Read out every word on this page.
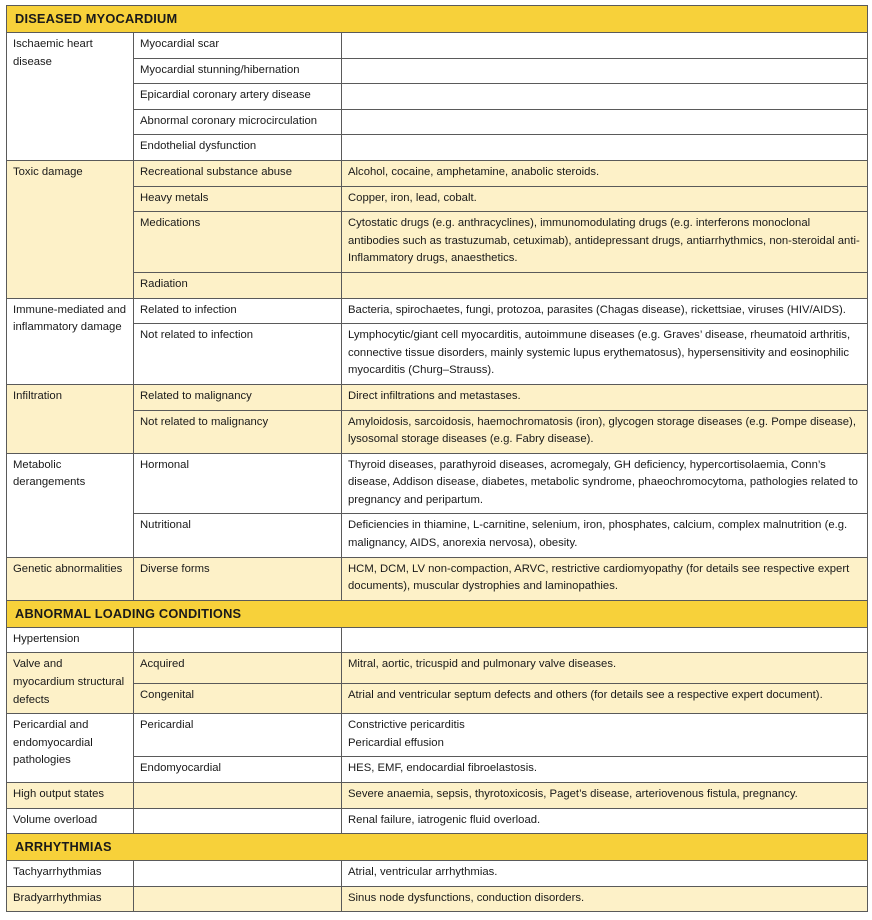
DISEASED MYOCARDIUM		
Ischaemic heart disease	Myocardial scar	
	Myocardial stunning/hibernation	
	Epicardial coronary artery disease	
	Abnormal coronary microcirculation	
	Endothelial dysfunction	
Toxic damage	Recreational substance abuse	Alcohol, cocaine, amphetamine, anabolic steroids.
	Heavy metals	Copper, iron, lead, cobalt.
	Medications	Cytostatic drugs (e.g. anthracyclines), immunomodulating drugs (e.g. interferons monoclonal antibodies such as trastuzumab, cetuximab), antidepressant drugs, antiarrhythmics, non-steroidal anti-Inflammatory drugs, anaesthetics.
	Radiation	
Immune-mediated and inflammatory damage	Related to infection	Bacteria, spirochaetes, fungi, protozoa, parasites (Chagas disease), rickettsiae, viruses (HIV/AIDS).
	Not related to infection	Lymphocytic/giant cell myocarditis, autoimmune diseases (e.g. Graves’ disease, rheumatoid arthritis, connective tissue disorders, mainly systemic lupus erythematosus), hypersensitivity and eosinophilic myocarditis (Churg–Strauss).
Infiltration	Related to malignancy	Direct infiltrations and metastases.
	Not related to malignancy	Amyloidosis, sarcoidosis, haemochromatosis (iron), glycogen storage diseases (e.g. Pompe disease), lysosomal storage diseases (e.g. Fabry disease).
Metabolic derangements	Hormonal	Thyroid diseases, parathyroid diseases, acromegaly, GH deficiency, hypercortisolaemia, Conn’s disease, Addison disease, diabetes, metabolic syndrome, phaeochromocytoma, pathologies related to pregnancy and peripartum.
	Nutritional	Deficiencies in thiamine, L-carnitine, selenium, iron, phosphates, calcium, complex malnutrition (e.g. malignancy, AIDS, anorexia nervosa), obesity.
Genetic abnormalities	Diverse forms	HCM, DCM, LV non-compaction, ARVC, restrictive cardiomyopathy (for details see respective expert documents), muscular dystrophies and laminopathies.
ABNORMAL LOADING CONDITIONS		
Hypertension		
Valve and myocardium structural defects	Acquired	Mitral, aortic, tricuspid and pulmonary valve diseases.
	Congenital	Atrial and ventricular septum defects and others (for details see a respective expert document).
Pericardial and endomyocardial pathologies	Pericardial	Constrictive pericarditis
Pericardial effusion

	Endomyocardial	HES, EMF, endocardial fibroelastosis.
High output states		Severe anaemia, sepsis, thyrotoxicosis, Paget’s disease, arteriovenous fistula, pregnancy.
Volume overload		Renal failure, iatrogenic fluid overload.
ARRHYTHMIAS		
Tachyarrhythmias		Atrial, ventricular arrhythmias.
Bradyarrhythmias		Sinus node dysfunctions, conduction disorders.
